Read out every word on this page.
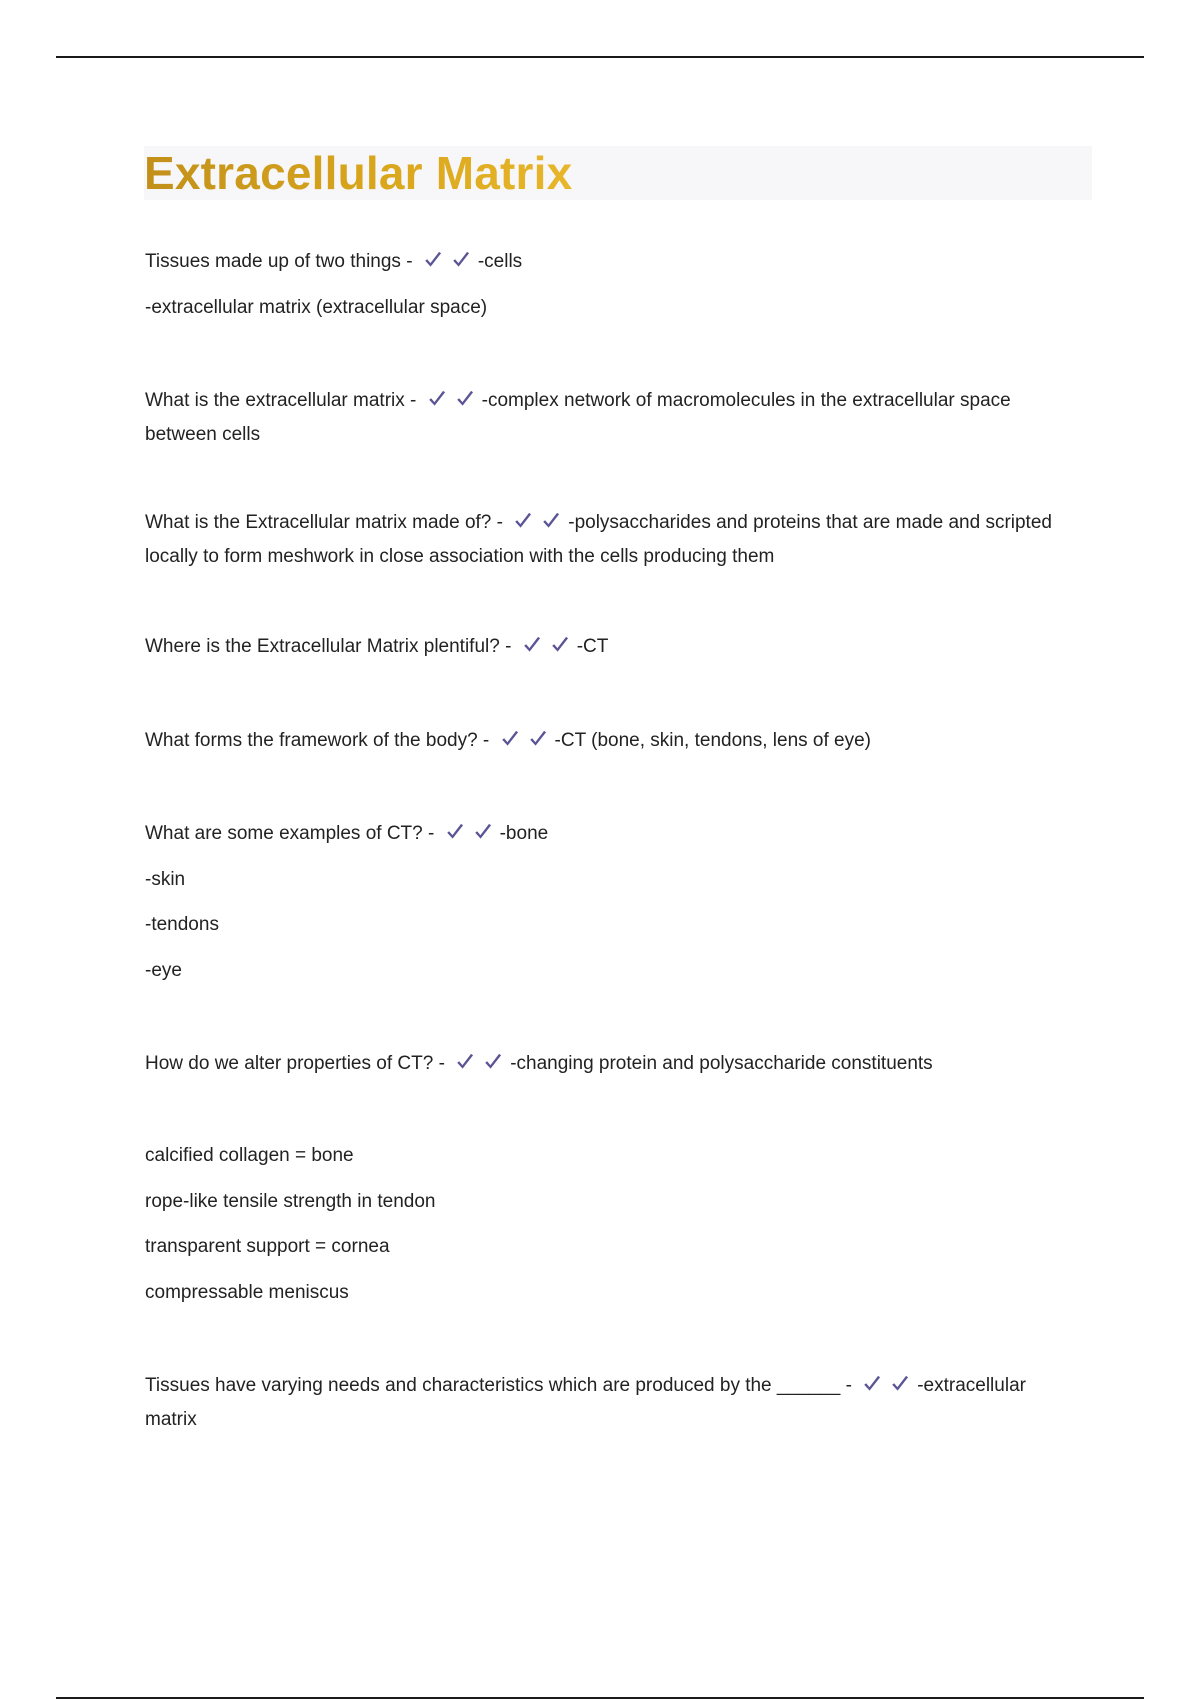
Extracellular Matrix
Tissues made up of two things -	-cells
-extracellular matrix (extracellular space)
What is the extracellular matrix -	-complex network of macromolecules in the extracellular space between cells
What is the Extracellular matrix made of? -	-polysaccharides and proteins that are made and scripted locally to form meshwork in close association with the cells producing them
Where is the Extracellular Matrix plentiful? -	-CT
What forms the framework of the body? -	-CT (bone, skin, tendons, lens of eye)
What are some examples of CT? -	-bone
-skin
-tendons
-eye
How do we alter properties of CT? -	-changing protein and polysaccharide constituents
calcified collagen = bone
rope-like tensile strength in tendon
transparent support = cornea
compressable meniscus
Tissues have varying needs and characteristics which are produced by the ______ -	-extracellular matrix
